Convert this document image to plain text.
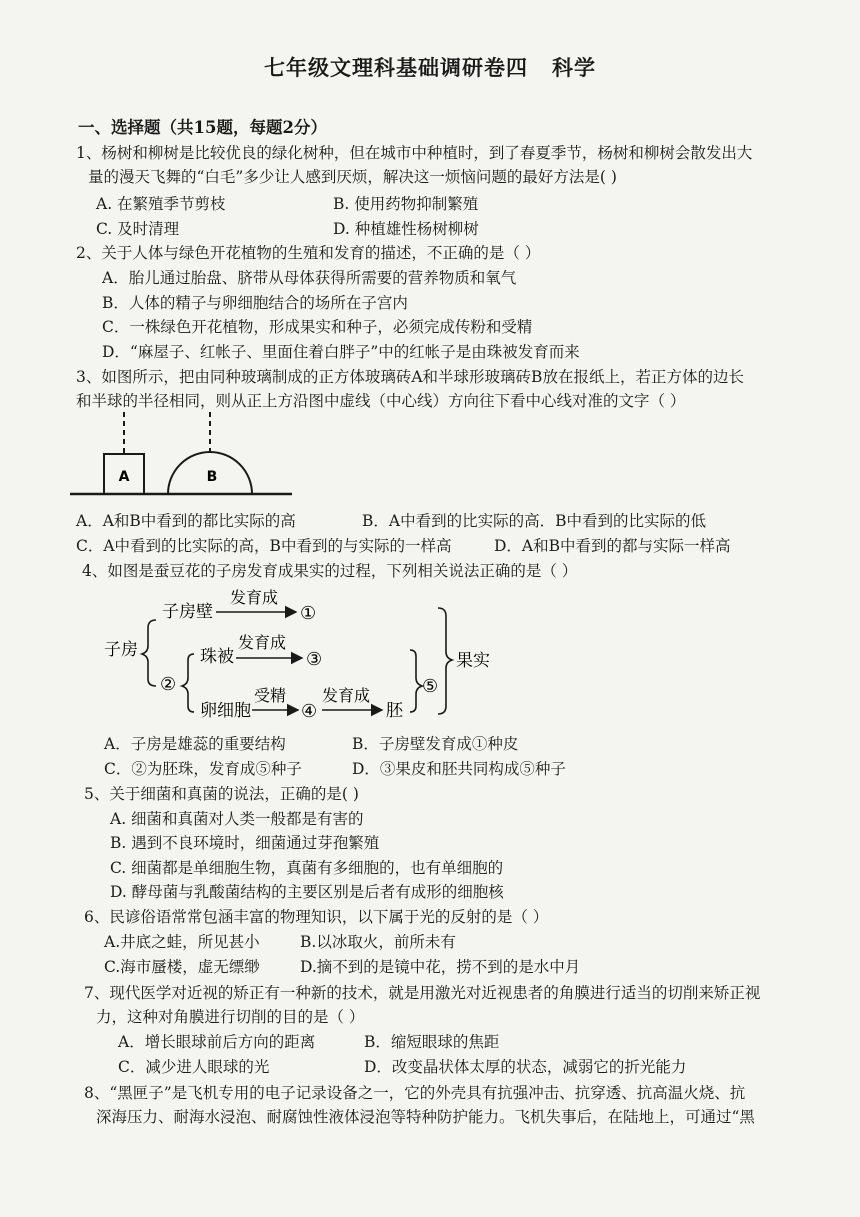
七年级文理科基础调研卷四 科学
一、选择题（共15题，每题2分）
1、杨树和柳树是比较优良的绿化树种，但在城市中种植时，到了春夏季节，杨树和柳树会散发出大
量的漫天飞舞的“白毛”多少让人感到厌烦，解决这一烦恼问题的最好方法是( )
A. 在繁殖季节剪枝	B. 使用药物抑制繁殖
C. 及时清理	D. 种植雄性杨树柳树
2、关于人体与绿色开花植物的生殖和发育的描述，不正确的是（ ）
A．胎儿通过胎盘、脐带从母体获得所需要的营养物质和氧气
B．人体的精子与卵细胞结合的场所在子宫内
C．一株绿色开花植物，形成果实和种子，必须完成传粉和受精
D．“麻屋子、红帐子、里面住着白胖子”中的红帐子是由珠被发育而来
3、如图所示，把由同种玻璃制成的正方体玻璃砖A和半球形玻璃砖B放在报纸上，若正方体的边长
和半球的半径相同，则从正上方沿图中虚线（中心线）方向往下看中心线对准的文字（ ）
A	B
A．A和B中看到的都比实际的高	B．A中看到的比实际的高．B中看到的比实际的低
C．A中看到的比实际的高，B中看到的与实际的一样高	D．A和B中看到的都与实际一样高
4、如图是蚕豆花的子房发育成果实的过程，下列相关说法正确的是（ ）
子房
子房壁
发育成
①
②
珠被
发育成
③
卵细胞
受精
④
发育成
胚
⑤
果实
A．子房是雄蕊的重要结构	B．子房壁发育成①种皮
C．②为胚珠，发育成⑤种子	D．③果皮和胚共同构成⑤种子
5、关于细菌和真菌的说法，正确的是( )
A. 细菌和真菌对人类一般都是有害的
B. 遇到不良环境时，细菌通过芽孢繁殖
C. 细菌都是单细胞生物，真菌有多细胞的，也有单细胞的
D. 酵母菌与乳酸菌结构的主要区别是后者有成形的细胞核
6、民谚俗语常常包涵丰富的物理知识，以下属于光的反射的是（ ）
A.井底之蛙，所见甚小	B.以冰取火，前所未有
C.海市蜃楼，虚无缥缈	D.摘不到的是镜中花，捞不到的是水中月
7、现代医学对近视的矫正有一种新的技术，就是用激光对近视患者的角膜进行适当的切削来矫正视
力，这种对角膜进行切削的目的是（ ）
A．增长眼球前后方向的距离	B．缩短眼球的焦距
C．减少进人眼球的光	D．改变晶状体太厚的状态，减弱它的折光能力
8、“黑匣子”是飞机专用的电子记录设备之一，它的外壳具有抗强冲击、抗穿透、抗高温火烧、抗
深海压力、耐海水浸泡、耐腐蚀性液体浸泡等特种防护能力。飞机失事后，在陆地上，可通过“黑
